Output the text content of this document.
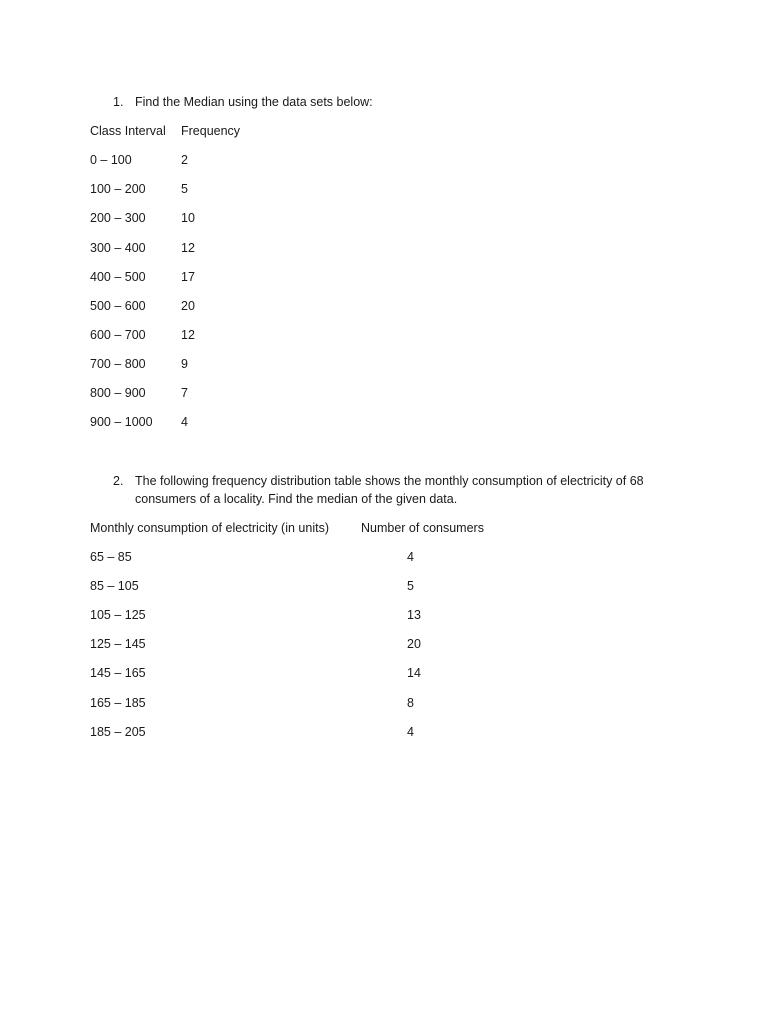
1. Find the Median using the data sets below:
Class Interval Frequency
0 – 100	2
100 – 200	5
200 – 300	10
300 – 400	12
400 – 500	17
500 – 600	20
600 – 700	12
700 – 800	9
800 – 900	7
900 – 1000 4
2. The following frequency distribution table shows the monthly consumption of electricity of 68 consumers of a locality. Find the median of the given data.
Monthly consumption of electricity (in units)	Number of consumers
65 – 85	4
85 – 105	5
105 – 125	13
125 – 145	20
145 – 165	14
165 – 185	8
185 – 205	4
